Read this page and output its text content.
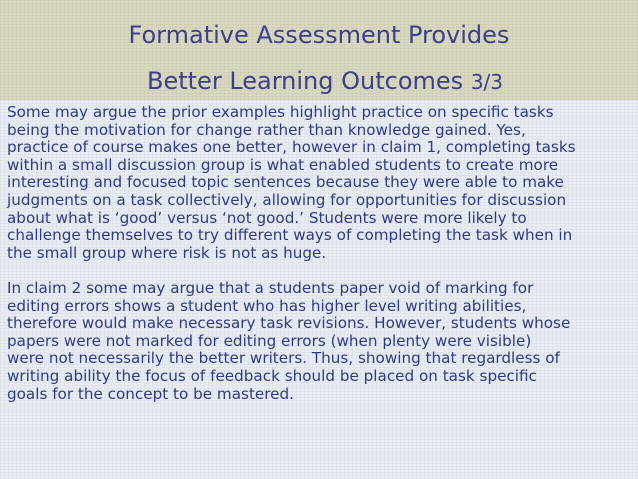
Formative Assessment Provides
Better Learning Outcomes 3/3

Some may argue the prior examples highlight practice on specific tasks
being the motivation for change rather than knowledge gained. Yes,
practice of course makes one better, however in claim 1, completing tasks
within a small discussion group is what enabled students to create more
interesting and focused topic sentences because they were able to make
judgments on a task collectively, allowing for opportunities for discussion
about what is ‘good’ versus ‘not good.’ Students were more likely to
challenge themselves to try different ways of completing the task when in
the small group where risk is not as huge.

In claim 2 some may argue that a students paper void of marking for
editing errors shows a student who has higher level writing abilities,
therefore would make necessary task revisions. However, students whose
papers were not marked for editing errors (when plenty were visible)
were not necessarily the better writers. Thus, showing that regardless of
writing ability the focus of feedback should be placed on task specific
goals for the concept to be mastered.
